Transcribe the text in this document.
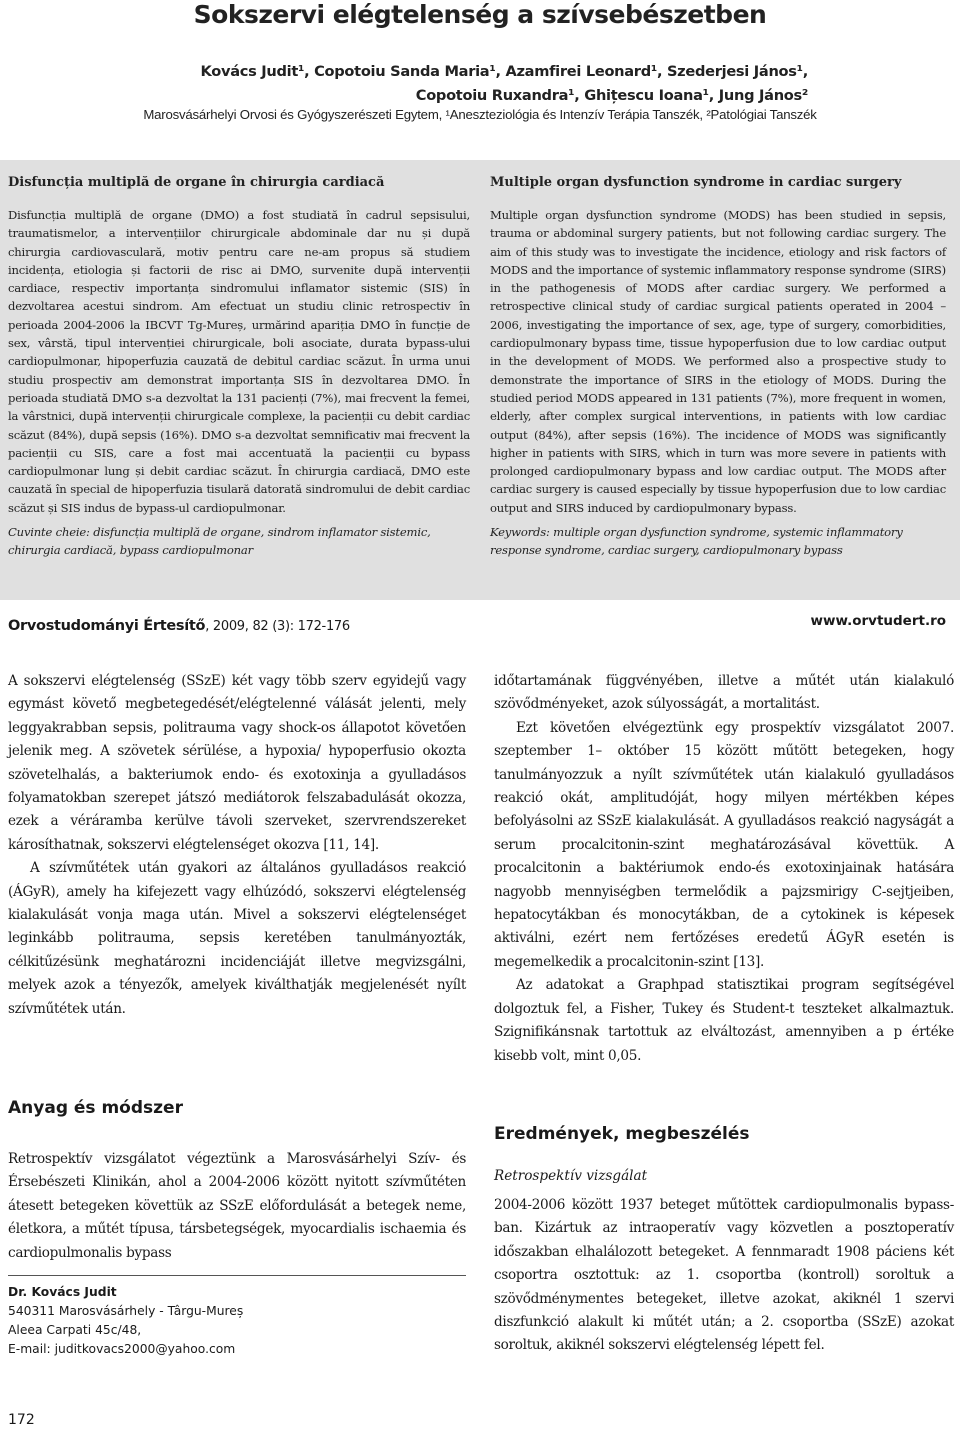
Sokszervi elégtelenség a szívsebészetben
Kovács Judit¹, Copotoiu Sanda Maria¹, Azamfirei Leonard¹, Szederjesi János¹,
Copotoiu Ruxandra¹, Ghițescu Ioana¹, Jung János²
Marosvásárhelyi Orvosi és Gyógyszerészeti Egytem, ¹Aneszteziológia és Intenzív Terápia Tanszék, ²Patológiai Tanszék

Disfuncția multiplă de organe în chirurgia cardiacă

Disfuncția multiplă de organe (DMO) a fost studiată în cadrul sepsisului, traumatismelor, a intervențiilor chirurgicale abdominale dar nu și după chirurgia cardiovasculară, motiv pentru care ne-am propus să studiem incidența, etiologia și factorii de risc ai DMO, survenite după intervenții cardiace, respectiv importanța sindromului inflamator sistemic (SIS) în dezvoltarea acestui sindrom. Am efectuat un studiu clinic retrospectiv în perioada 2004-2006 la IBCVT Tg-Mureș, urmărind apariția DMO în funcție de sex, vârstă, tipul intervenției chirurgicale, boli asociate, durata bypass-ului cardiopulmonar, hipoperfuzia cauzată de debitul cardiac scăzut. În urma unui studiu prospectiv am demonstrat importanța SIS în dezvoltarea DMO. În perioada studiată DMO s-a dezvoltat la 131 pacienți (7%), mai frecvent la femei, la vârstnici, după intervenții chirurgicale complexe, la pacienții cu debit cardiac scăzut (84%), după sepsis (16%). DMO s-a dezvoltat semnificativ mai frecvent la pacienții cu SIS, care a fost mai accentuată la pacienții cu bypass cardiopulmonar lung și debit cardiac scăzut. În chirurgia cardiacă, DMO este cauzată în special de hipoperfuzia tisulară datorată sindromului de debit cardiac scăzut și SIS indus de bypass-ul cardiopulmonar.

Cuvinte cheie: disfuncția multiplă de organe, sindrom inflamator sistemic, chirurgia cardiacă, bypass cardiopulmonar

Multiple organ dysfunction syndrome in cardiac surgery

Multiple organ dysfunction syndrome (MODS) has been studied in sepsis, trauma or abdominal surgery patients, but not following cardiac surgery. The aim of this study was to investigate the incidence, etiology and risk factors of MODS and the importance of systemic inflammatory response syndrome (SIRS) in the pathogenesis of MODS after cardiac surgery. We performed a retrospective clinical study of cardiac surgical patients operated in 2004 – 2006, investigating the importance of sex, age, type of surgery, comorbidities, cardiopulmonary bypass time, tissue hypoperfusion due to low cardiac output in the development of MODS. We performed also a prospective study to demonstrate the importance of SIRS in the etiology of MODS. During the studied period MODS appeared in 131 patients (7%), more frequent in women, elderly, after complex surgical interventions, in patients with low cardiac output (84%), after sepsis (16%). The incidence of MODS was significantly higher in patients with SIRS, which in turn was more severe in patients with prolonged cardiopulmonary bypass and low cardiac output. The MODS after cardiac surgery is caused especially by tissue hypoperfusion due to low cardiac output and SIRS induced by cardiopulmonary bypass.

Keywords: multiple organ dysfunction syndrome, systemic inflammatory response syndrome, cardiac surgery, cardiopulmonary bypass

Orvostudományi Értesítő, 2009, 82 (3): 172-176	www.orvtudert.ro

A sokszervi elégtelenség (SSzE) két vagy több szerv egyidejű vagy egymást követő megbetegedését/elégtelenné válását jelenti, mely leggyakrabban sepsis, politrauma vagy shock-os állapotot követően jelenik meg. A szövetek sérülése, a hypoxia/ hypoperfusio okozta szövetelhalás, a bakteriumok endo- és exotoxinja a gyulladásos folyamatokban szerepet játszó mediátorok felszabadulását okozza, ezek a véráramba kerülve távoli szerveket, szervrendszereket károsíthatnak, sokszervi elégtelenséget okozva [11, 14].

A szívműtétek után gyakori az általános gyulladásos reakció (ÁGyR), amely ha kifejezett vagy elhúzódó, sokszervi elégtelenség kialakulását vonja maga után. Mivel a sokszervi elégtelenséget leginkább politrauma, sepsis keretében tanulmányozták, célkitűzésünk meghatározni incidenciáját illetve megvizsgálni, melyek azok a tényezők, amelyek kiválthatják megjelenését nyílt szívműtétek után.

Anyag és módszer

Retrospektív vizsgálatot végeztünk a Marosvásárhelyi Szív- és Érsebészeti Klinikán, ahol a 2004-2006 között nyitott szívműtéten átesett betegeken követtük az SSzE előfordulását a betegek neme, életkora, a műtét típusa, társbetegségek, myocardialis ischaemia és cardiopulmonalis bypass

időtartamának függvényében, illetve a műtét után kialakuló szövődményeket, azok súlyosságát, a mortalitást.

Ezt követően elvégeztünk egy prospektív vizsgálatot 2007. szeptember 1– október 15 között műtött betegeken, hogy tanulmányozzuk a nyílt szívműtétek után kialakuló gyulladásos reakció okát, amplitudóját, hogy milyen mértékben képes befolyásolni az SSzE kialakulását. A gyulladásos reakció nagyságát a serum procalcitonin-szint meghatározásával követtük. A procalcitonin a baktériumok endo-és exotoxinjainak hatására nagyobb mennyiségben termelődik a pajzsmirigy C-sejtjeiben, hepatocytákban és monocytákban, de a cytokinek is képesek aktiválni, ezért nem fertőzéses eredetű ÁGyR esetén is megemelkedik a procalcitonin-szint [13].

Az adatokat a Graphpad statisztikai program segítségével dolgoztuk fel, a Fisher, Tukey és Student-t teszteket alkalmaztuk. Szignifikánsnak tartottuk az elváltozást, amennyiben a p értéke kisebb volt, mint 0,05.

Eredmények, megbeszélés
Retrospektív vizsgálat

2004-2006 között 1937 beteget műtöttek cardiopulmonalis bypass-ban. Kizártuk az intraoperatív vagy közvetlen a posztoperatív időszakban elhalálozott betegeket. A fennmaradt 1908 páciens két csoportra osztottuk: az 1. csoportba (kontroll) soroltuk a szövődménymentes betegeket, illetve azokat, akiknél 1 szervi diszfunkció alakult ki műtét után; a 2. csoportba (SSzE) azokat soroltuk, akiknél sokszervi elégtelenség lépett fel.

Dr. Kovács Judit
540311 Marosvásárhely - Târgu-Mureș
Aleea Carpati 45c/48,
E-mail: juditkovacs2000@yahoo.com
172
